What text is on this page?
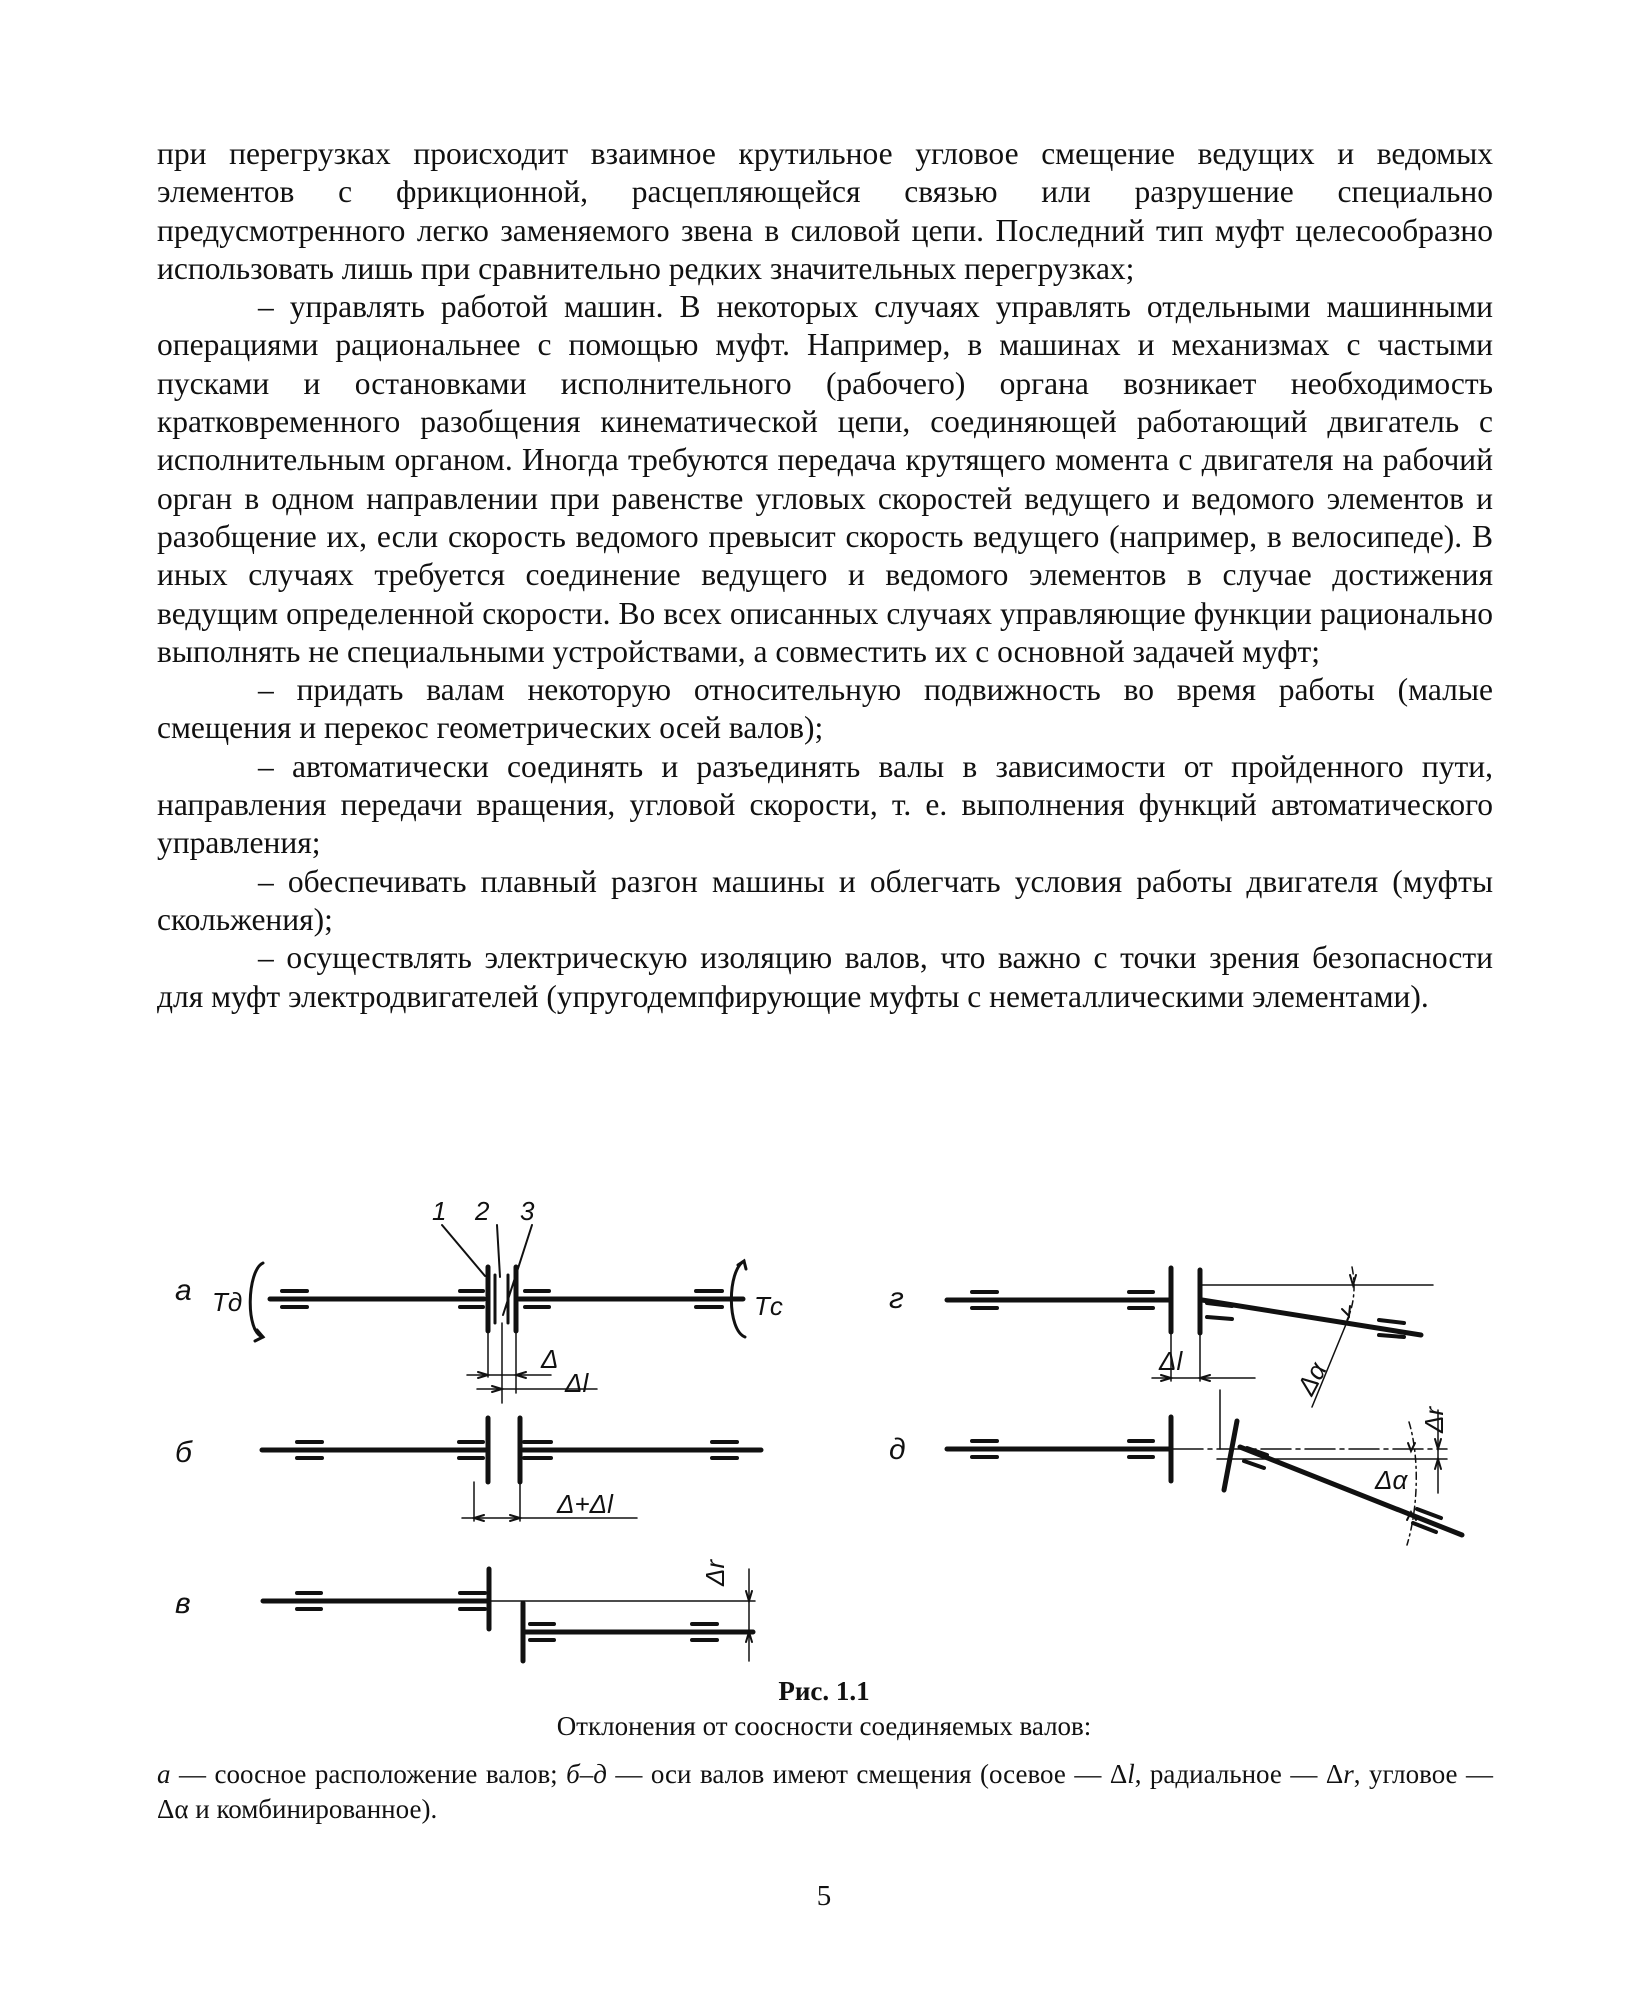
при перегрузках происходит взаимное крутильное угловое смещение ведущих и ведомых элементов с фрикционной, расцепляющейся связью или разрушение специально предусмотренного легко заменяемого звена в силовой цепи. Последний тип муфт целесообразно использовать лишь при сравнительно редких значительных перегрузках;

– управлять работой машин. В некоторых случаях управлять отдельными машинными операциями рациональнее с помощью муфт. Например, в машинах и механизмах с частыми пусками и остановками исполнительного (рабочего) органа возникает необходимость кратковременного разобщения кинематической цепи, соединяющей работающий двигатель с исполнительным органом. Иногда требуются передача крутящего момента с двигателя на рабочий орган в одном направлении при равенстве угловых скоростей ведущего и ведомого элементов и разобщение их, если скорость ведомого превысит скорость ведущего (например, в велосипеде). В иных случаях требуется соединение ведущего и ведомого элементов в случае достижения ведущим определенной скорости. Во всех описанных случаях управляющие функции рационально выполнять не специальными устройствами, а совместить их с основной задачей муфт;

– придать валам некоторую относительную подвижность во время работы (малые смещения и перекос геометрических осей валов);

– автоматически соединять и разъединять валы в зависимости от пройденного пути, направления передачи вращения, угловой скорости, т. е. выполнения функций автоматического управления;

– обеспечивать плавный разгон машины и облегчать условия работы двигателя (муфты скольжения);

– осуществлять электрическую изоляцию валов, что важно с точки зрения безопасности для муфт электродвигателей (упругодемпфирующие муфты с неметаллическими элементами).

а
б
в
г
д
1 2 3
Tд	Tс
Δ
Δl
Δ+Δl
Δr
Δl	Δα
Δr
Δα
Рис. 1.1
Отклонения от соосности соединяемых валов:
а — соосное расположение валов; б–д — оси валов имеют смещения (осевое — Δl, радиальное — Δr, угловое — Δα и комбинированное).
5
